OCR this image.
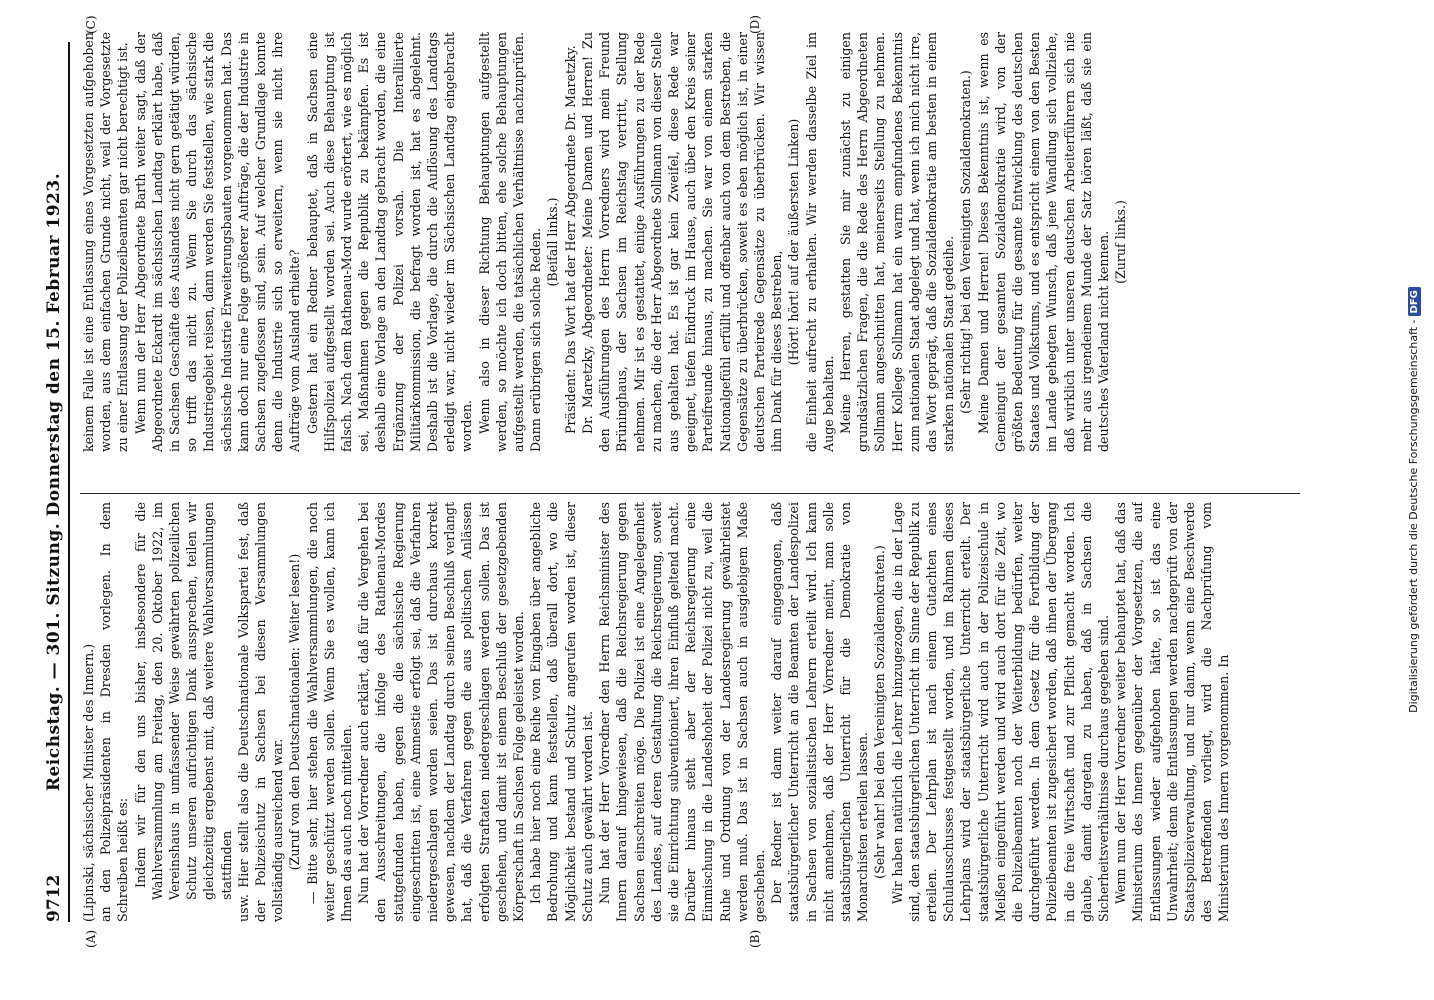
9712
Reichstag. — 301. Sitzung. Donnerstag den 15. Februar 1923.
(A)	(B)
(C)	(D)

(Lipinski, sächsischer Minister des Innern.) an den Polizeipräsidenten in Dresden vorlegen. In dem Schreiben heißt es: Indem wir für den uns bisher, insbesondere für die Wahlversammlung am Freitag, den 20. Oktober 1922, im Vereinshaus in umfassender Weise gewährten polizeilichen Schutz unseren aufrichtigen Dank aussprechen, teilen wir gleichzeitig ergebenst mit, daß weitere Wahlversammlungen stattfinden usw. Hier stellt also die Deutschnationale Volkspartei fest, daß der Polizeischutz in Sachsen bei diesen Versammlungen vollständig ausreichend war. (Zuruf von den Deutschnationalen: Weiter lesen!) — Bitte sehr, hier stehen die Wahlversammlungen, die noch weiter geschützt werden sollen. Wenn Sie es wollen, kann ich Ihnen das auch noch mitteilen. Nun hat der Vorredner auch erklärt, daß für die Vergehen bei den Ausschreitungen, die infolge des Rathenau-Mordes stattgefunden haben, gegen die die sächsische Regierung eingeschritten ist, eine Amnestie erfolgt sei, daß die Verfahren niedergeschlagen worden seien. Das ist durchaus korrekt gewesen, nachdem der Landtag durch seinen Beschluß verlangt hat, daß die Verfahren gegen die aus politischen Anlässen erfolgten Straftaten niedergeschlagen werden sollen. Das ist geschehen, und damit ist einem Beschluß der gesetzgebenden Körperschaft in Sachsen Folge geleistet worden. Ich habe hier noch eine Reihe von Eingaben über angebliche Bedrohung und kann feststellen, daß überall dort, wo die Möglichkeit bestand und Schutz angerufen worden ist, dieser Schutz auch gewährt worden ist. Nun hat der Herr Vorredner den Herrn Reichsminister des Innern darauf hingewiesen, daß die Reichsregierung gegen Sachsen einschreiten möge. Die Polizei ist eine Angelegenheit des Landes, auf deren Gestaltung die Reichsregierung, soweit sie die Einrichtung subventioniert, ihren Einfluß geltend macht. Darüber hinaus steht aber der Reichsregierung eine Einmischung in die Landeshoheit der Polizei nicht zu, weil die Ruhe und Ordnung von der Landesregierung gewährleistet werden muß. Das ist in Sachsen auch in ausgiebigem Maße geschehen. Der Redner ist dann weiter darauf eingegangen, daß staatsbürgerlicher Unterricht an die Beamten der Landespolizei in Sachsen von sozialistischen Lehrern erteilt wird. Ich kann nicht annehmen, daß der Herr Vorredner meint, man solle staatsbürgerlichen Unterricht für die Demokratie von Monarchisten erteilen lassen. (Sehr wahr! bei den Vereinigten Sozialdemokraten.) Wir haben natürlich die Lehrer hinzugezogen, die in der Lage sind, den staatsbürgerlichen Unterricht im Sinne der Republik zu erteilen. Der Lehrplan ist nach einem Gutachten eines Schulausschusses festgestellt worden, und im Rahmen dieses Lehrplans wird der staatsbürgerliche Unterricht erteilt. Der staatsbürgerliche Unterricht wird auch in der Polizeischule in Meißen eingeführt werden und wird auch dort für die Zeit, wo die Polizeibeamten noch der Weiterbildung bedürfen, weiter durchgeführt werden. In dem Gesetz für die Fortbildung der Polizeibeamten ist zugesichert worden, daß ihnen der Übergang in die freie Wirtschaft und zur Pflicht gemacht worden. Ich glaube, damit dargetan zu haben, daß in Sachsen die Sicherheitsverhältnisse durchaus gegeben sind. Wenn nun der Herr Vorredner weiter behauptet hat, daß das Ministerium des Innern gegenüber der Vorgesetzten, die auf Entlassungen wieder aufgehoben hätte, so ist das eine Unwahrheit; denn die Entlassungen werden nachgeprüft von der Staatspolizeiverwaltung, und nur dann, wenn eine Beschwerde des Betreffenden vorliegt, wird die Nachprüfung vom Ministerium des Innern vorgenommen. In

keinem Falle ist eine Entlassung eines Vorgesetzten aufgehoben worden, aus dem einfachen Grunde nicht, weil der Vorgesetzte zu einer Entlassung der Polizeibeamten gar nicht berechtigt ist. Wenn nun der Herr Abgeordnete Barth weiter sagt, daß der Abgeordnete Eckardt im sächsischen Landtag erklärt habe, daß in Sachsen Geschäfte des Auslandes nicht gern getätigt würden, so trifft das nicht zu. Wenn Sie durch das sächsische Industriegebiet reisen, dann werden Sie feststellen, wie stark die sächsische Industrie Erweiterungsbauten vorgenommen hat. Das kann doch nur eine Folge größerer Aufträge, die der Industrie in Sachsen zugeflossen sind, sein. Auf welcher Grundlage konnte denn die Industrie sich so erweitern, wenn sie nicht ihre Aufträge vom Ausland erhielte? Gestern hat ein Redner behauptet, daß in Sachsen eine Hilfspolizei aufgestellt worden sei. Auch diese Behauptung ist falsch. Nach dem Rathenau-Mord wurde erörtert, wie es möglich sei, Maßnahmen gegen die Republik zu bekämpfen. Es ist deshalb eine Vorlage an den Landtag gebracht worden, die eine Ergänzung der Polizei vorsah. Die Interalliierte Militärkommission, die befragt worden ist, hat es abgelehnt. Deshalb ist die Vorlage, die durch die Auflösung des Landtags erledigt war, nicht wieder im Sächsischen Landtag eingebracht worden. Wenn also in dieser Richtung Behauptungen aufgestellt werden, so möchte ich doch bitten, ehe solche Behauptungen aufgestellt werden, die tatsächlichen Verhältnisse nachzuprüfen. Dann erübrigen sich solche Reden. (Beifall links.) Präsident: Das Wort hat der Herr Abgeordnete Dr. Maretzky. Dr. Maretzky, Abgeordneter: Meine Damen und Herren! Zu den Ausführungen des Herrn Vorredners wird mein Freund Brüninghaus, der Sachsen im Reichstag vertritt, Stellung nehmen. Mir ist es gestattet, einige Ausführungen zu der Rede zu machen, die der Herr Abgeordnete Sollmann von dieser Stelle aus gehalten hat. Es ist gar kein Zweifel, diese Rede war geeignet, tiefen Eindruck im Hause, auch über den Kreis seiner Parteifreunde hinaus, zu machen. Sie war von einem starken Nationalgefühl erfüllt und offenbar auch von dem Bestreben, die Gegensätze zu überbrücken, soweit es eben möglich ist, in einer deutschen Parteirede Gegensätze zu überbrücken. Wir wissen ihm Dank für dieses Bestreben, (Hört! hört! auf der äußersten Linken) die Einheit aufrecht zu erhalten. Wir werden dasselbe Ziel im Auge behalten. Meine Herren, gestatten Sie mir zunächst zu einigen grundsätzlichen Fragen, die die Rede des Herrn Abgeordneten Sollmann angeschnitten hat, meinerseits Stellung zu nehmen. Herr Kollege Sollmann hat ein warm empfundenes Bekenntnis zum nationalen Staat abgelegt und hat, wenn ich mich nicht irre, das Wort geprägt, daß die Sozialdemokratie am besten in einem starken nationalen Staat gedeihe. (Sehr richtig! bei den Vereinigten Sozialdemokraten.) Meine Damen und Herren! Dieses Bekenntnis ist, wenn es Gemeingut der gesamten Sozialdemokratie wird, von der größten Bedeutung für die gesamte Entwicklung des deutschen Staates und Volkstums, und es entspricht einem von den Besten im Lande gehegten Wunsch, daß jene Wandlung sich vollziehe, daß wirklich unter unseren deutschen Arbeiterführern sich nie mehr aus irgendeinem Munde der Satz hören läßt, daß sie ein deutsches Vaterland nicht kennen. (Zuruf links.)

Digitalisierung gefördert durch die Deutsche Forschungsgemeinschaft -DFG
